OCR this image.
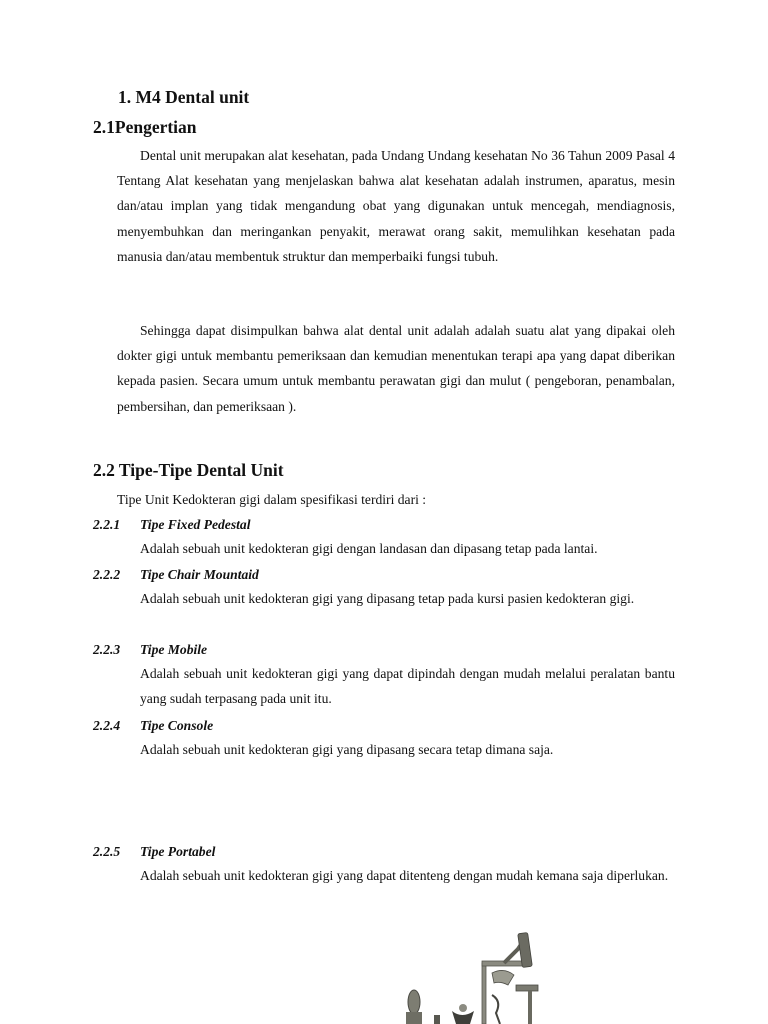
1. M4 Dental unit
2.1Pengertian

Dental unit merupakan alat kesehatan, pada Undang Undang kesehatan No 36 Tahun 2009 Pasal 4 Tentang Alat kesehatan yang menjelaskan bahwa alat kesehatan adalah instrumen, aparatus, mesin dan/atau implan yang tidak mengandung obat yang digunakan untuk mencegah, mendiagnosis, menyembuhkan dan meringankan penyakit, merawat orang sakit, memulihkan kesehatan pada manusia dan/atau membentuk struktur dan memperbaiki fungsi tubuh.

Sehingga dapat disimpulkan bahwa alat dental unit adalah adalah suatu alat yang dipakai oleh dokter gigi untuk membantu pemeriksaan dan kemudian menentukan terapi apa yang dapat diberikan kepada pasien. Secara umum untuk membantu perawatan gigi dan mulut ( pengeboran, penambalan, pembersihan, dan pemeriksaan ).

2.2 Tipe-Tipe Dental Unit

Tipe Unit Kedokteran gigi dalam spesifikasi terdiri dari :

2.2.1 Tipe Fixed Pedestal

Adalah sebuah unit kedokteran gigi dengan landasan dan dipasang tetap pada lantai.

2.2.2 Tipe Chair Mountaid

Adalah sebuah unit kedokteran gigi yang dipasang tetap pada kursi pasien kedokteran gigi.

2.2.3 Tipe Mobile

Adalah sebuah unit kedokteran gigi yang dapat dipindah dengan mudah melalui peralatan bantu yang sudah terpasang pada unit itu.

2.2.4 Tipe Console

Adalah sebuah unit kedokteran gigi yang dipasang secara tetap dimana saja.

2.2.5 Tipe Portabel

Adalah sebuah unit kedokteran gigi yang dapat ditenteng dengan mudah kemana saja diperlukan.
